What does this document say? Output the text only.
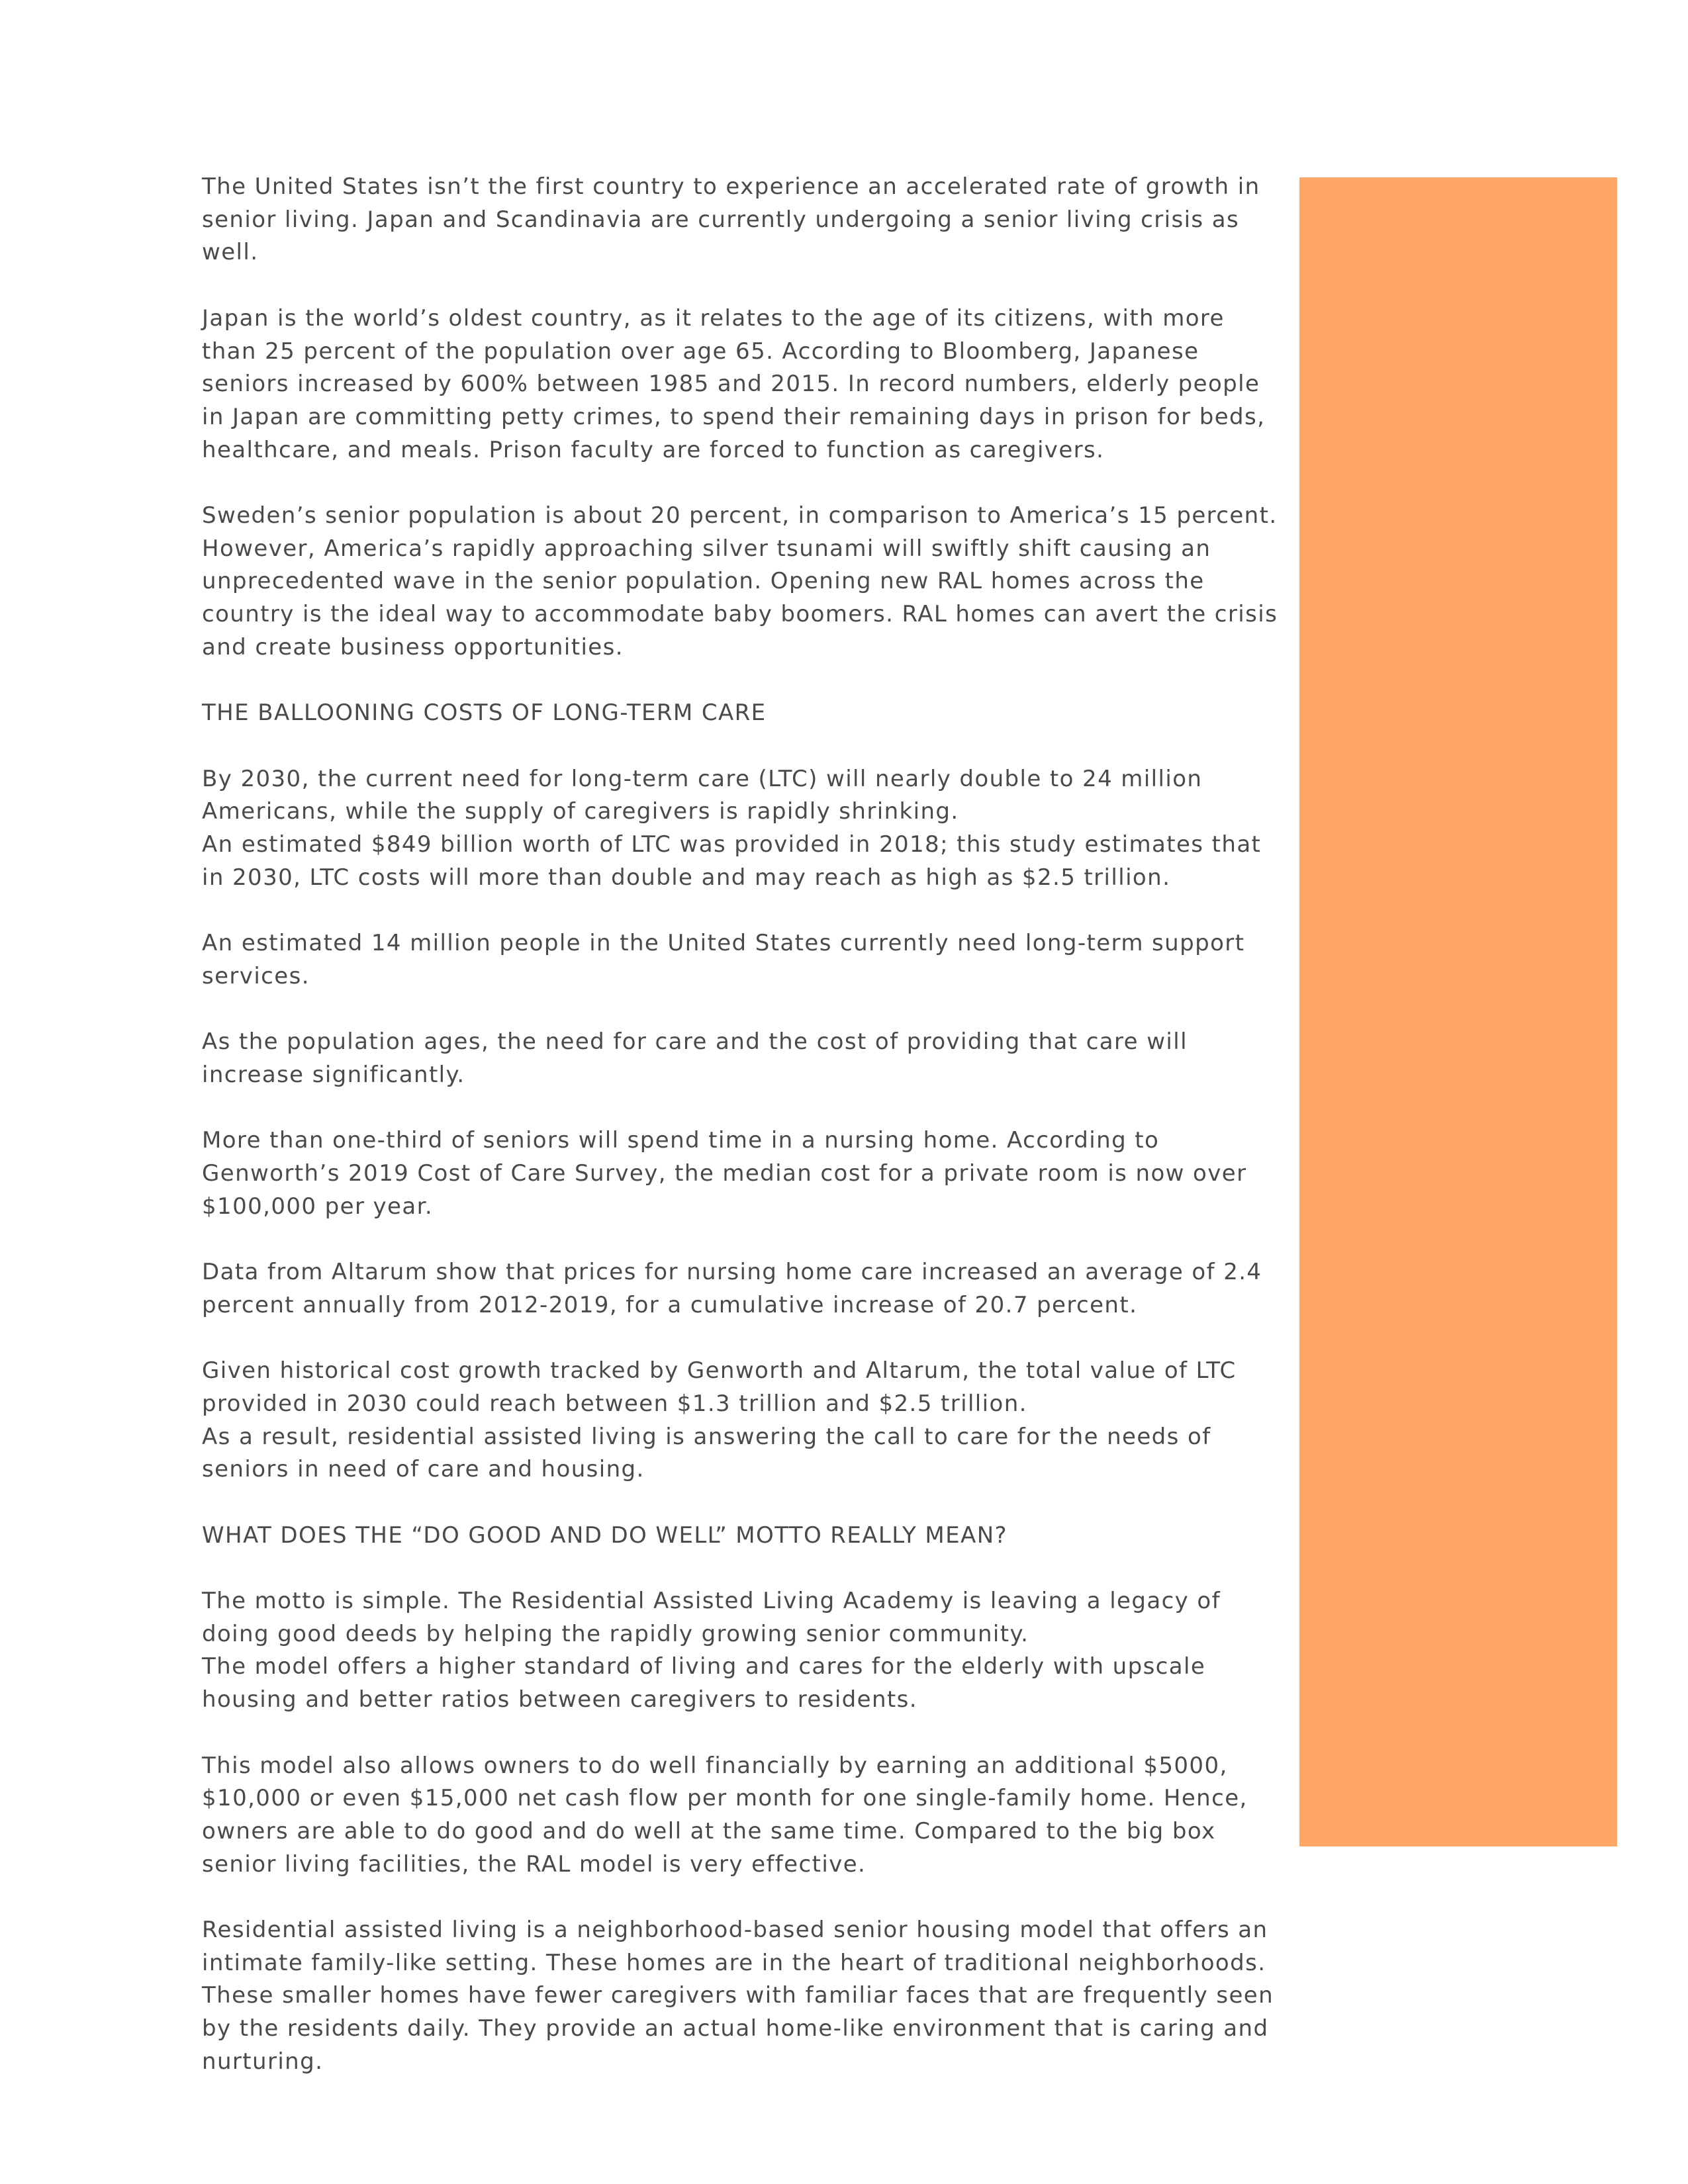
The United States isn’t the first country to experience an accelerated rate of growth in
senior living. Japan and Scandinavia are currently undergoing a senior living crisis as
well.

Japan is the world’s oldest country, as it relates to the age of its citizens, with more
than 25 percent of the population over age 65. According to Bloomberg, Japanese
seniors increased by 600% between 1985 and 2015. In record numbers, elderly people
in Japan are committing petty crimes, to spend their remaining days in prison for beds,
healthcare, and meals. Prison faculty are forced to function as caregivers.

Sweden’s senior population is about 20 percent, in comparison to America’s 15 percent.
However, America’s rapidly approaching silver tsunami will swiftly shift causing an
unprecedented wave in the senior population. Opening new RAL homes across the
country is the ideal way to accommodate baby boomers. RAL homes can avert the crisis
and create business opportunities.

THE BALLOONING COSTS OF LONG-TERM CARE

By 2030, the current need for long-term care (LTC) will nearly double to 24 million
Americans, while the supply of caregivers is rapidly shrinking.
An estimated $849 billion worth of LTC was provided in 2018; this study estimates that
in 2030, LTC costs will more than double and may reach as high as $2.5 trillion.

An estimated 14 million people in the United States currently need long-term support
services.

As the population ages, the need for care and the cost of providing that care will
increase significantly.

More than one-third of seniors will spend time in a nursing home. According to
Genworth’s 2019 Cost of Care Survey, the median cost for a private room is now over
$100,000 per year.

Data from Altarum show that prices for nursing home care increased an average of 2.4
percent annually from 2012-2019, for a cumulative increase of 20.7 percent.

Given historical cost growth tracked by Genworth and Altarum, the total value of LTC
provided in 2030 could reach between $1.3 trillion and $2.5 trillion.
As a result, residential assisted living is answering the call to care for the needs of
seniors in need of care and housing.

WHAT DOES THE “DO GOOD AND DO WELL” MOTTO REALLY MEAN?

The motto is simple. The Residential Assisted Living Academy is leaving a legacy of
doing good deeds by helping the rapidly growing senior community.
The model offers a higher standard of living and cares for the elderly with upscale
housing and better ratios between caregivers to residents.

This model also allows owners to do well financially by earning an additional $5000,
$10,000 or even $15,000 net cash flow per month for one single-family home. Hence,
owners are able to do good and do well at the same time. Compared to the big box
senior living facilities, the RAL model is very effective.

Residential assisted living is a neighborhood-based senior housing model that offers an
intimate family-like setting. These homes are in the heart of traditional neighborhoods.
These smaller homes have fewer caregivers with familiar faces that are frequently seen
by the residents daily. They provide an actual home-like environment that is caring and
nurturing.
